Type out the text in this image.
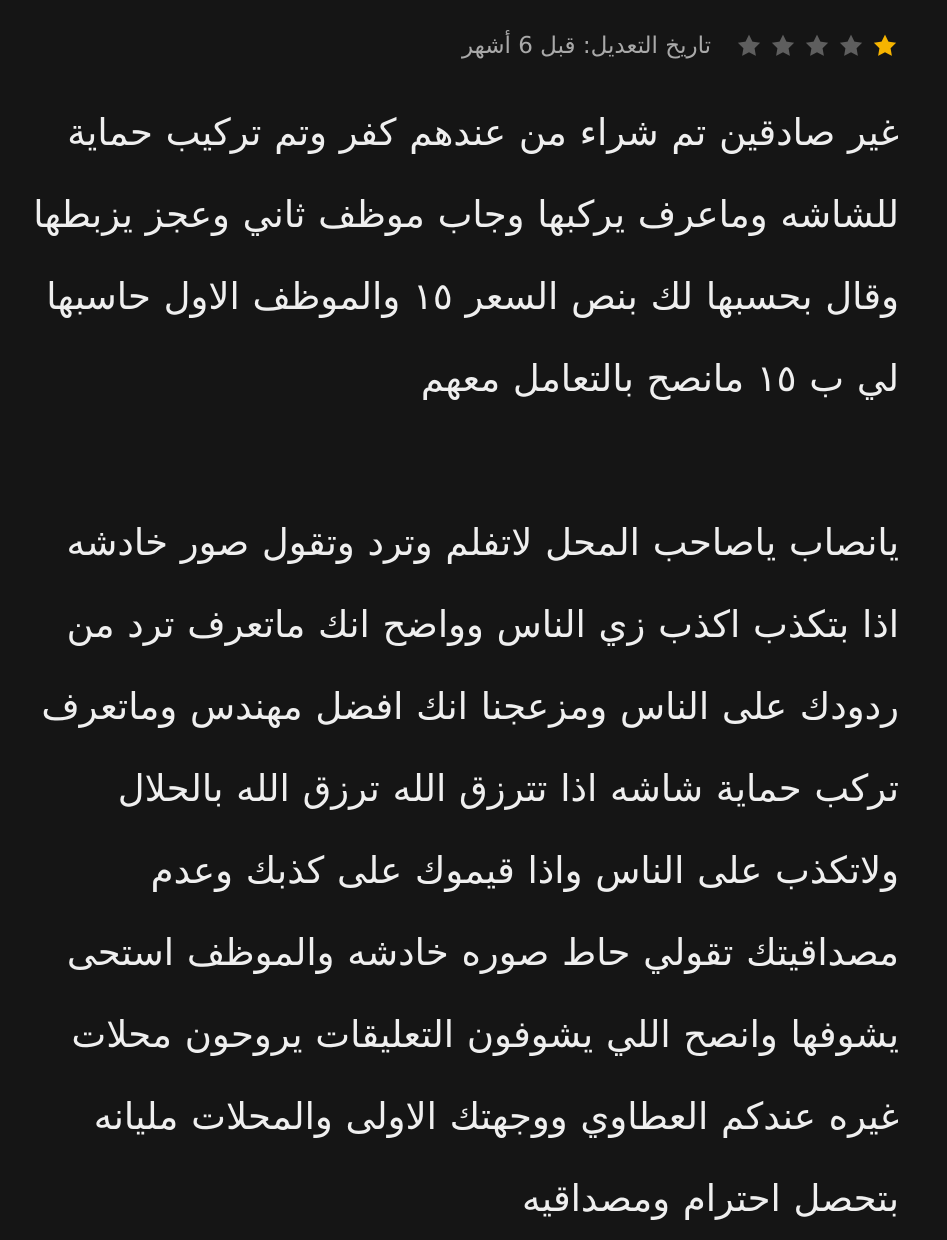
تاريخ التعديل: قبل 6 أشهر
غير صادقين تم شراء من عندهم كفر وتم تركيب حماية
للشاشه وماعرف يركبها وجاب موظف ثاني وعجز يزبطها
وقال بحسبها لك بنص السعر ١٥ والموظف الاول حاسبها
لي ب ١٥ مانصح بالتعامل معهم
يانصاب ياصاحب المحل لاتفلم وترد وتقول صور خادشه
اذا بتكذب اكذب زي الناس وواضح انك ماتعرف ترد من
ردودك على الناس ومزعجنا انك افضل مهندس وماتعرف
تركب حماية شاشه اذا تترزق الله ترزق الله بالحلال
ولاتكذب على الناس واذا قيموك على كذبك وعدم
مصداقيتك تقولي حاط صوره خادشه والموظف استحى
يشوفها وانصح اللي يشوفون التعليقات يروحون محلات
غيره عندكم العطاوي ووجهتك الاولى والمحلات مليانه
بتحصل احترام ومصداقيه
